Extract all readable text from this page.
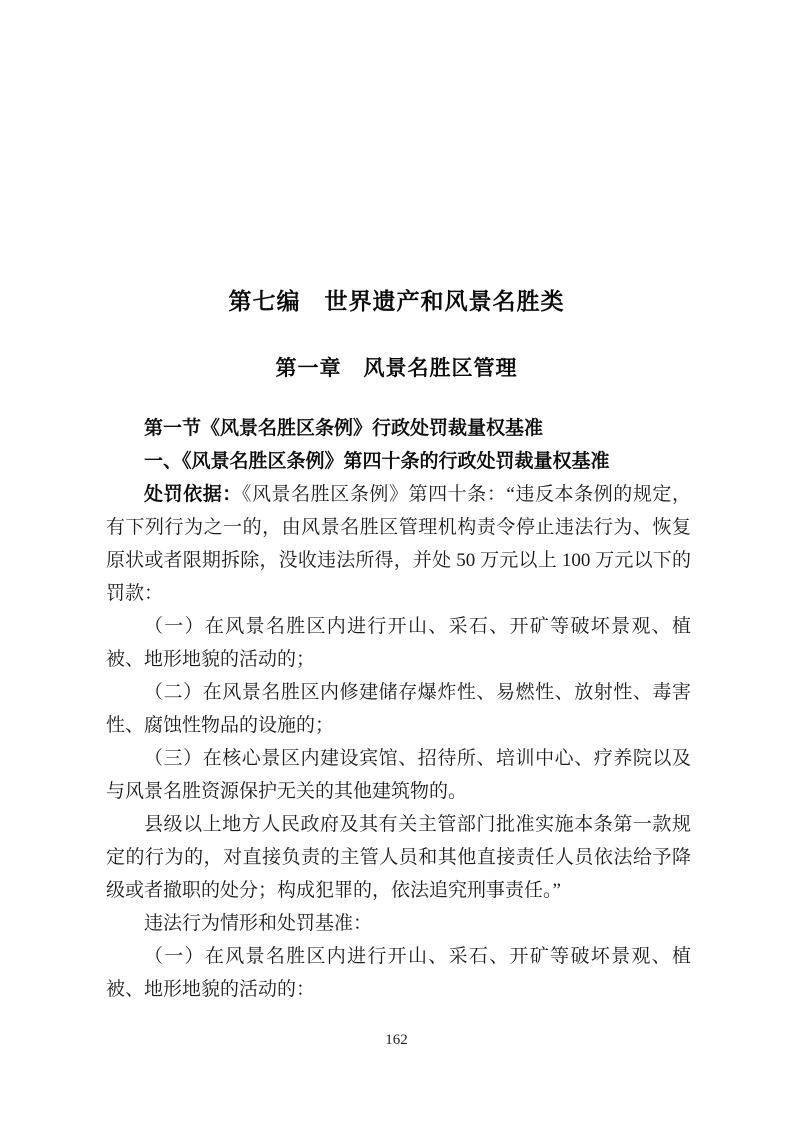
第七编　世界遗产和风景名胜类
第一章　风景名胜区管理

第一节《风景名胜区条例》行政处罚裁量权基准

一、《风景名胜区条例》第四十条的行政处罚裁量权基准

处罚依据：《风景名胜区条例》第四十条：“违反本条例的规定，有下列行为之一的，由风景名胜区管理机构责令停止违法行为、恢复原状或者限期拆除，没收违法所得，并处 50 万元以上 100 万元以下的罚款：

（一）在风景名胜区内进行开山、采石、开矿等破坏景观、植被、地形地貌的活动的；

（二）在风景名胜区内修建储存爆炸性、易燃性、放射性、毒害性、腐蚀性物品的设施的；

（三）在核心景区内建设宾馆、招待所、培训中心、疗养院以及与风景名胜资源保护无关的其他建筑物的。

县级以上地方人民政府及其有关主管部门批准实施本条第一款规定的行为的，对直接负责的主管人员和其他直接责任人员依法给予降级或者撤职的处分；构成犯罪的，依法追究刑事责任。”

违法行为情形和处罚基准：

（一）在风景名胜区内进行开山、采石、开矿等破坏景观、植被、地形地貌的活动的：

162
